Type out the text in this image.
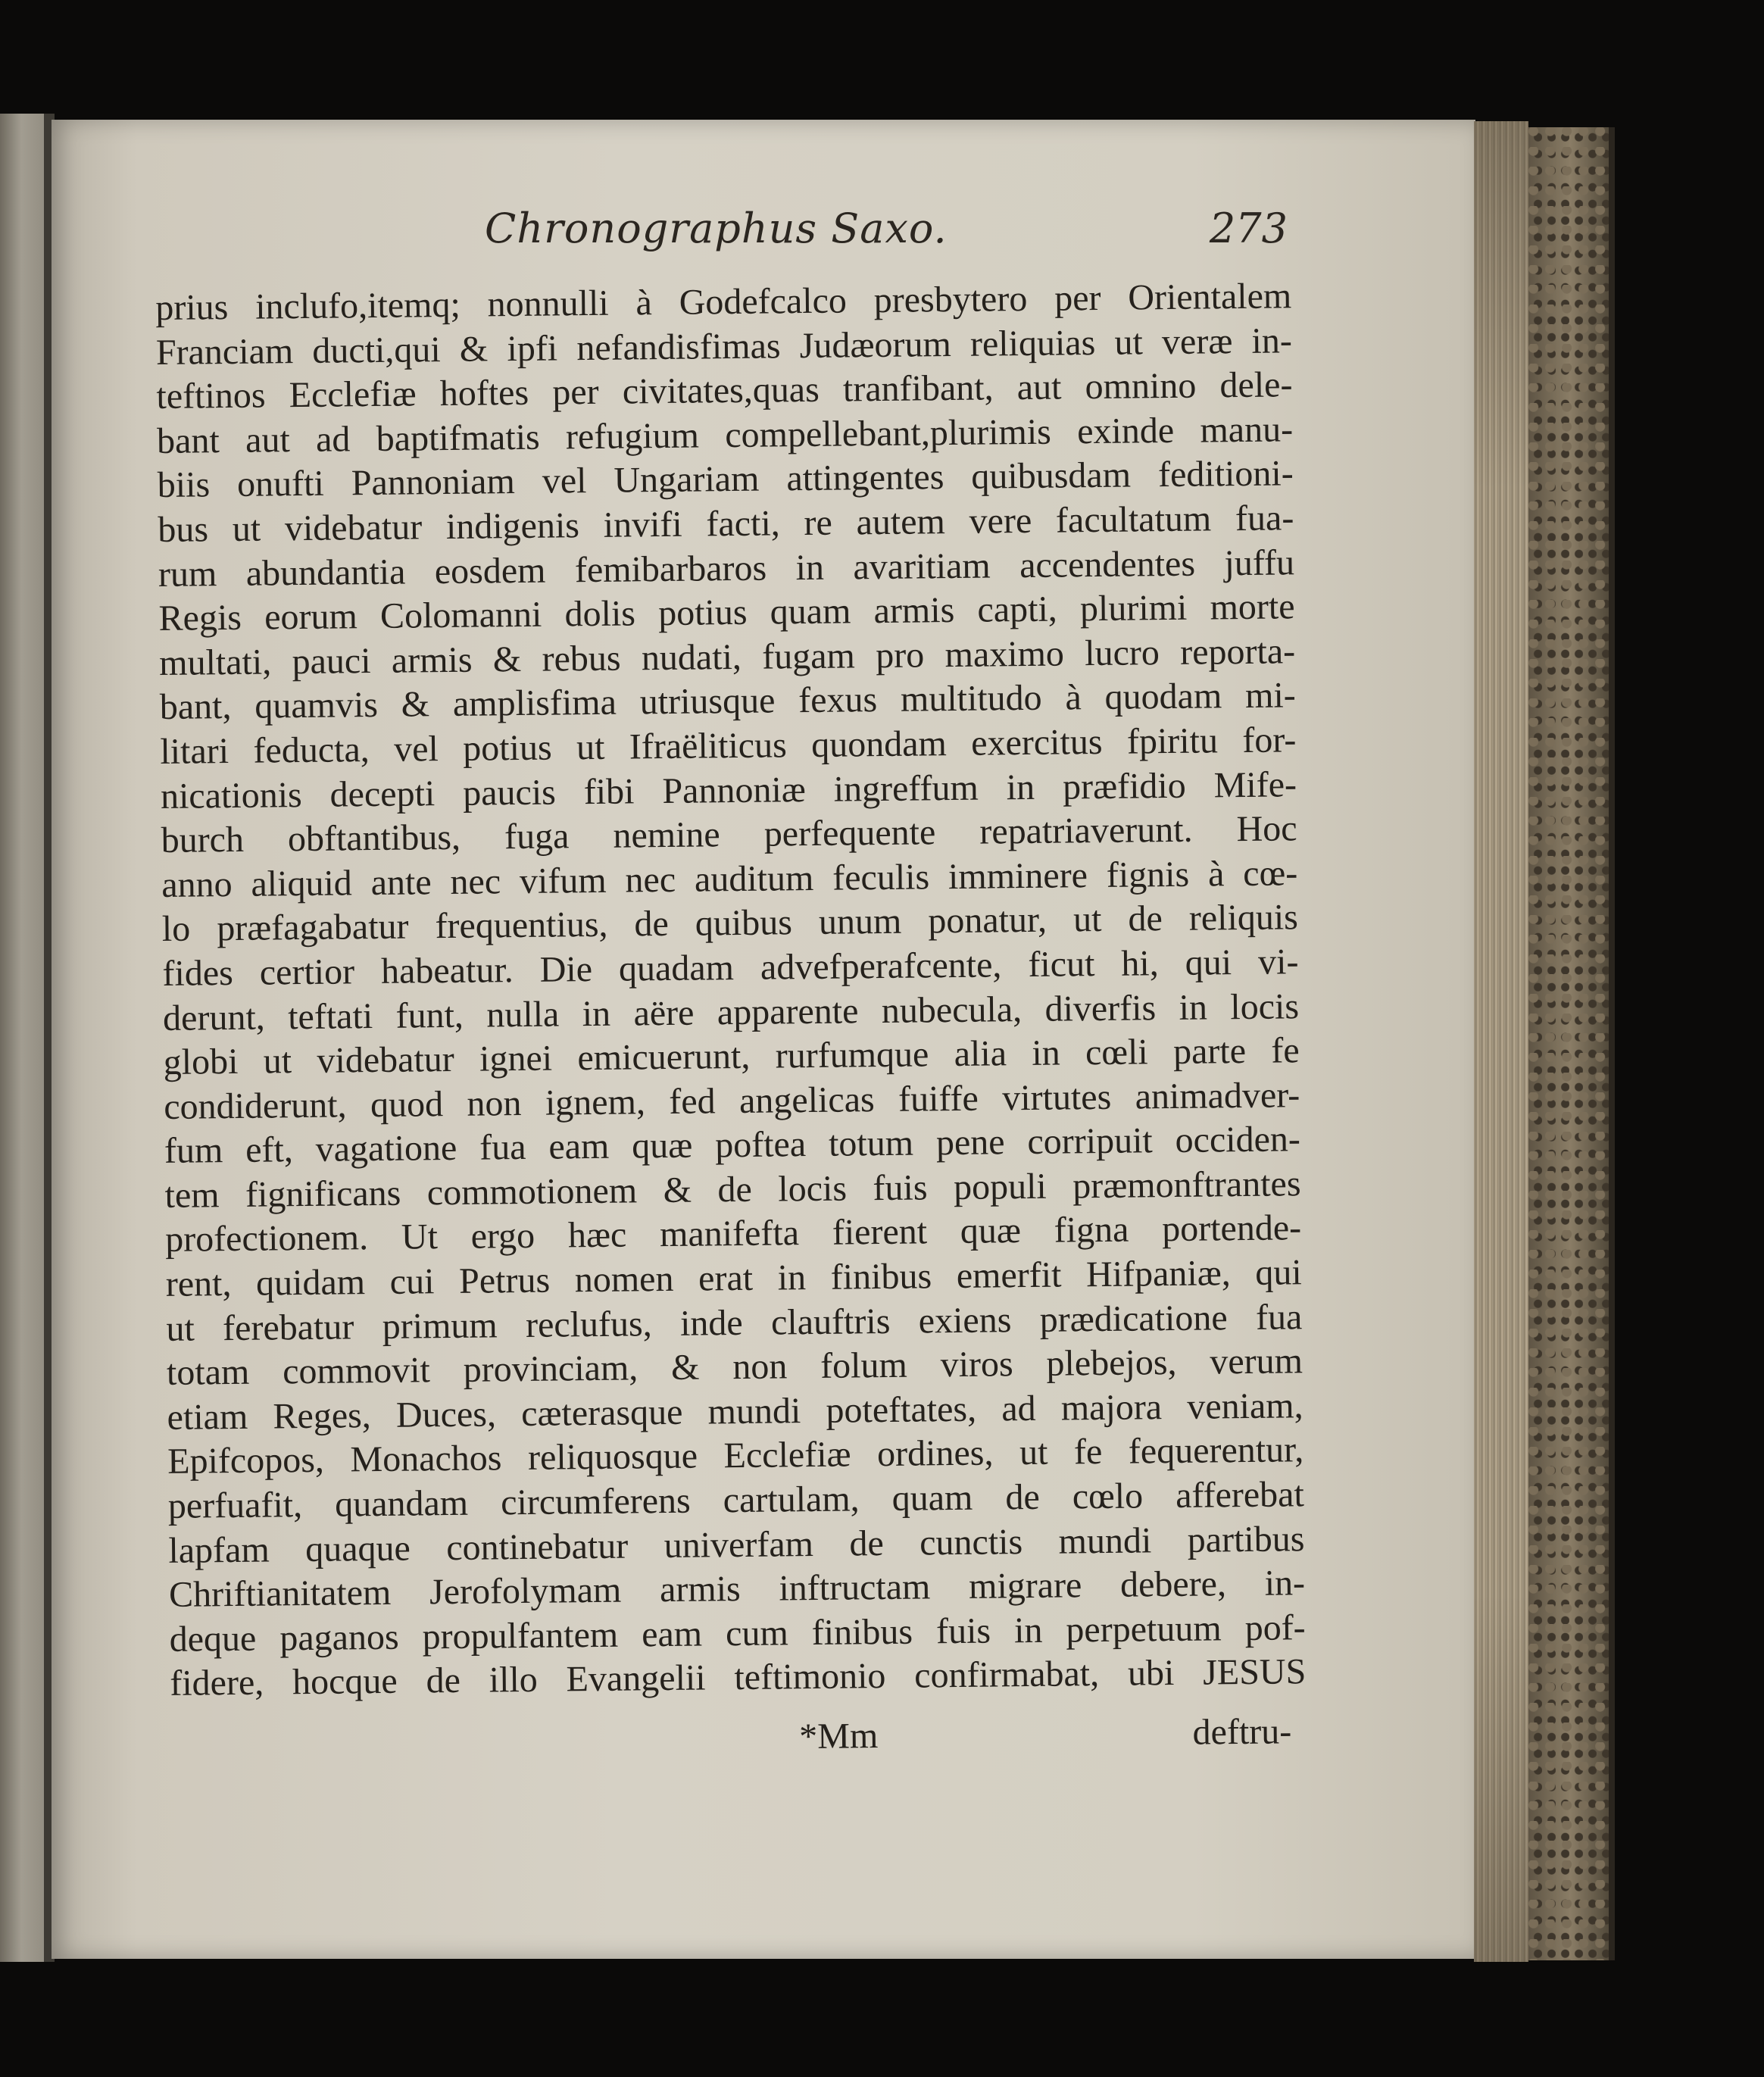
Chronographus Saxo.	273
prius inclufo,itemq; nonnulli à Godefcalco presbytero per Orientalem
Franciam ducti,qui & ipfi nefandisfimas Judæorum reliquias ut veræ in-
teftinos Ecclefiæ hoftes per civitates,quas tranfibant, aut omnino dele-
bant aut ad baptifmatis refugium compellebant,plurimis exinde manu-
biis onufti Pannoniam vel Ungariam attingentes quibusdam feditioni-
bus ut videbatur indigenis invifi facti, re autem vere facultatum fua-
rum abundantia eosdem femibarbaros in avaritiam accendentes juffu
Regis eorum Colomanni dolis potius quam armis capti, plurimi morte
multati, pauci armis & rebus nudati, fugam pro maximo lucro reporta-
bant, quamvis & amplisfima utriusque fexus multitudo à quodam mi-
litari feducta, vel potius ut Ifraëliticus quondam exercitus fpiritu for-
nicationis decepti paucis fibi Pannoniæ ingreffum in præfidio Mife-
burch obftantibus, fuga nemine perfequente repatriaverunt. Hoc
anno aliquid ante nec vifum nec auditum feculis imminere fignis à cœ-
lo præfagabatur frequentius, de quibus unum ponatur, ut de reliquis
fides certior habeatur. Die quadam advefperafcente, ficut hi, qui vi-
derunt, teftati funt, nulla in aëre apparente nubecula, diverfis in locis
globi ut videbatur ignei emicuerunt, rurfumque alia in cœli parte fe
condiderunt, quod non ignem, fed angelicas fuiffe virtutes animadver-
fum eft, vagatione fua eam quæ poftea totum pene corripuit occiden-
tem fignificans commotionem & de locis fuis populi præmonftrantes
profectionem. Ut ergo hæc manifefta fierent quæ figna portende-
rent, quidam cui Petrus nomen erat in finibus emerfit Hifpaniæ, qui
ut ferebatur primum reclufus, inde clauftris exiens prædicatione fua
totam commovit provinciam, & non folum viros plebejos, verum
etiam Reges, Duces, cæterasque mundi poteftates, ad majora veniam,
Epifcopos, Monachos reliquosque Ecclefiæ ordines, ut fe fequerentur,
perfuafit, quandam circumferens cartulam, quam de cœlo afferebat
lapfam quaque continebatur univerfam de cunctis mundi partibus
Chriftianitatem Jerofolymam armis inftructam migrare debere, in-
deque paganos propulfantem eam cum finibus fuis in perpetuum pof-
fidere, hocque de illo Evangelii teftimonio confirmabat, ubi JESUS
*Mm	deftru-
